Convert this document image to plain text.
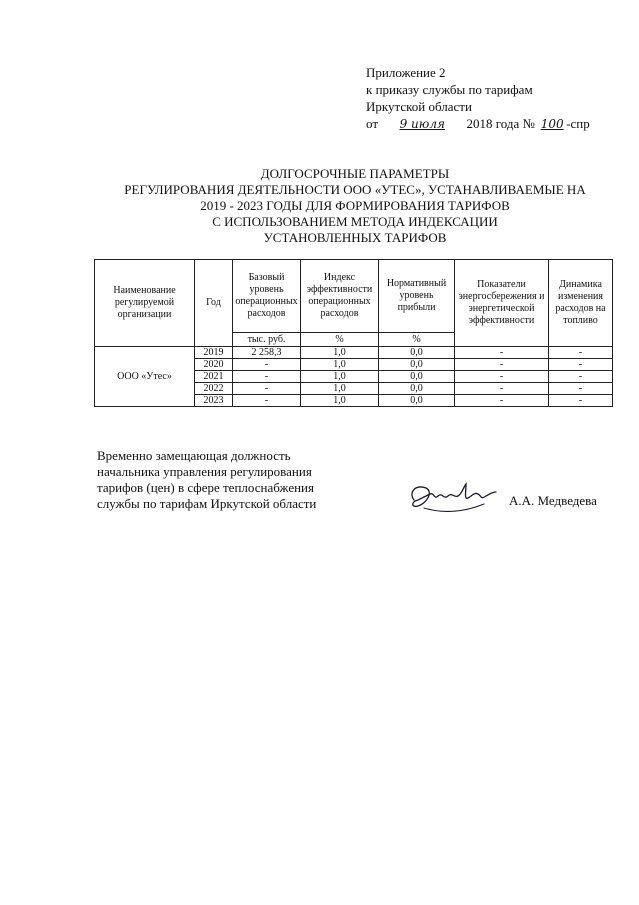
Приложение 2
к приказу службы по тарифам
Иркутской области
от 9 июля 2018 года № 100 -спр
ДОЛГОСРОЧНЫЕ ПАРАМЕТРЫ
РЕГУЛИРОВАНИЯ ДЕЯТЕЛЬНОСТИ ООО «УТЕС», УСТАНАВЛИВАЕМЫЕ НА
2019 - 2023 ГОДЫ ДЛЯ ФОРМИРОВАНИЯ ТАРИФОВ
С ИСПОЛЬЗОВАНИЕМ МЕТОДА ИНДЕКСАЦИИ
УСТАНОВЛЕННЫХ ТАРИФОВ
Наименование регулируемой организации	Год	Базовый уровень операционных расходов	Индекс эффективности операционных расходов	Нормативный уровень прибыли	Показатели энергосбережения и энергетической эффективности	Динамика изменения расходов на топливо
		тыс. руб.	%	%		
ООО «Утес»	2019	2 258,3	1,0	0,0	-	-
	2020	-	1,0	0,0	-	-
	2021	-	1,0	0,0	-	-
	2022	-	1,0	0,0	-	-
	2023	-	1,0	0,0	-	-
Временно замещающая должность
начальника управления регулирования
тарифов (цен) в сфере теплоснабжения
службы по тарифам Иркутской области	А.А. Медведева
